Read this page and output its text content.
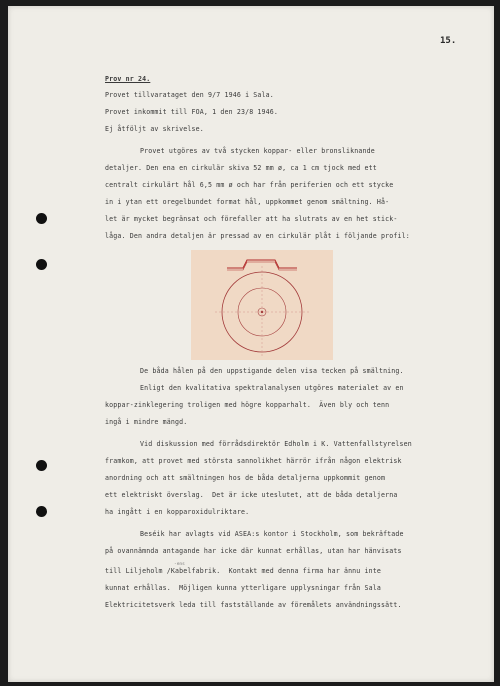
15.
Prov nr 24.
Provet tillvarataget den 9/7 1946 i Sala.
Provet inkommit till FOA, 1 den 23/8 1946.
Ej åtföljt av skrivelse.
Provet utgöres av två stycken koppar- eller bronsliknande
detaljer. Den ena en cirkulär skiva 52 mm ø, ca 1 cm tjock med ett
centralt cirkulärt hål 6,5 mm ø och har från periferien och ett stycke
in i ytan ett oregelbundet format hål, uppkommet genom smältning. Hå-
let är mycket begränsat och förefaller att ha slutrats av en het stick-
låga. Den andra detaljen är pressad av en cirkulär plåt i följande profil:
De båda hålen på den uppstigande delen visa tecken på smältning.
Enligt den kvalitativa spektralanalysen utgöres materialet av en
koppar-zinklegering troligen med högre kopparhalt.  Även bly och tenn
ingå i mindre mängd.
Vid diskussion med förrådsdirektör Edholm i K. Vattenfallstyrelsen
framkom, att provet med största sannolikhet härrör ifrån någon elektrisk
anordning och att smältningen hos de båda detaljerna uppkommit genom
ett elektriskt överslag.  Det är icke uteslutet, att de båda detaljerna
ha ingått i en kopparoxidulriktare.
Beséik har avlagts vid ASEA:s kontor i Stockholm, som bekräftade
på ovannämnda antagande har icke där kunnat erhållas, utan har hänvisats
-ens
till Liljeholm /Kabelfabrik.  Kontakt med denna firma har ännu inte
kunnat erhållas.  Möjligen kunna ytterligare upplysningar från Sala
Elektricitetsverk leda till fastställande av föremålets användningssätt.
